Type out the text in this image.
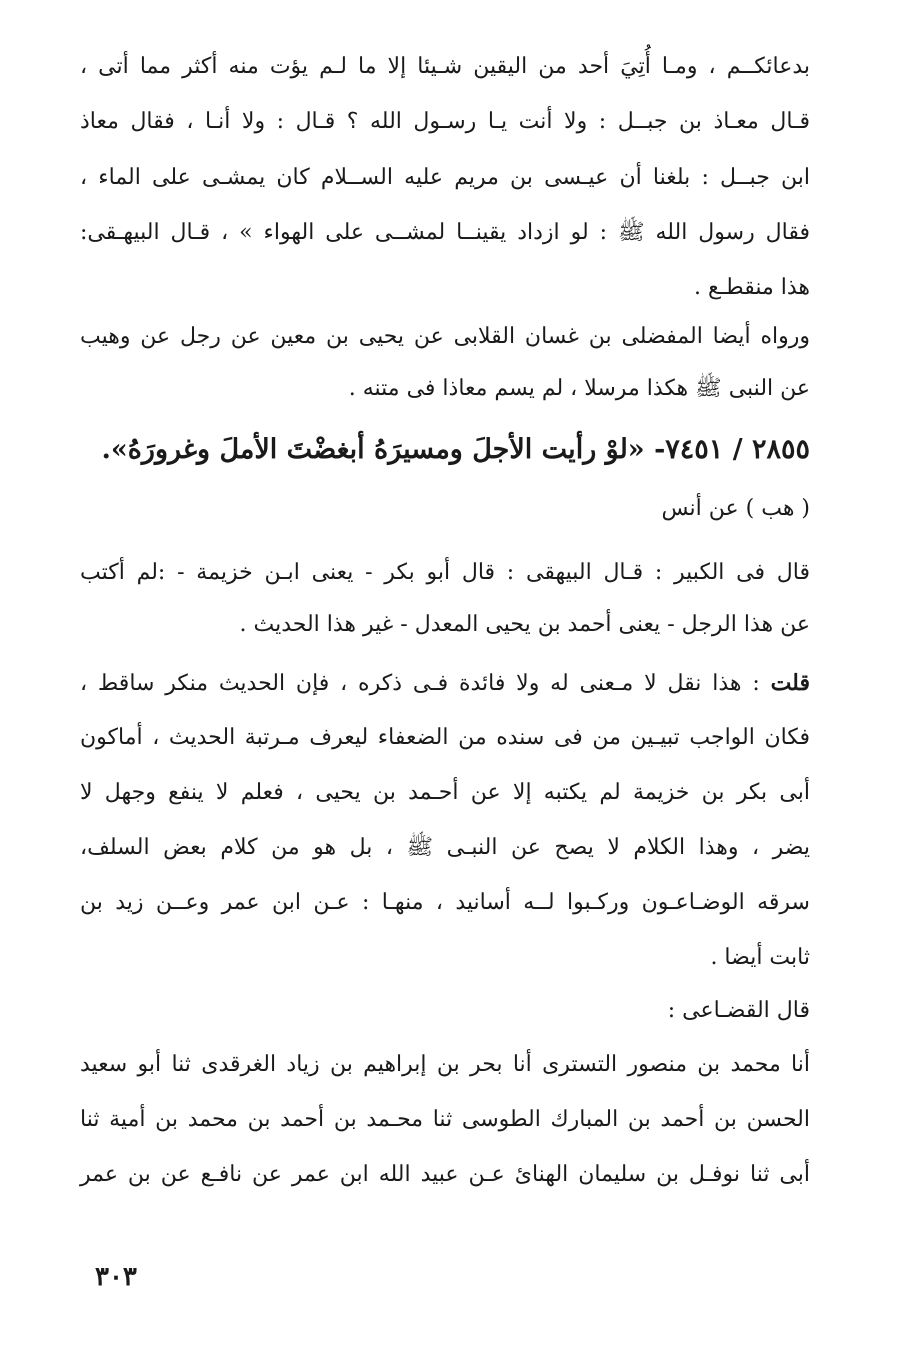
بدعائكــم ، ومـا أُتِيَ أحد من اليقين شـيئا إلا ما لـم يؤت منه أكثر مما أتى ،
قـال معـاذ بن جبــل : ولا أنت يـا رسـول الله ؟ قـال : ولا أنـا ، فقال معاذ
ابن جبــل : بلغنا أن عيـسى بن مريم عليه الســلام كان يمشـى على الماء ،
فقال رسول الله ﷺ : لو ازداد يقينــا لمشــى على الهواء » ، قـال البيهـقى:
هذا منقطـع .
ورواه أيضا المفضلى بن غسان القلابى عن يحيى بن معين عن رجل عن وهيب
عن النبى ﷺ هكذا مرسلا ، لم يسم معاذا فى متنه .
٢٨٥٥ / ٧٤٥١- «لوْ رأيت الأجلَ ومسيرَهُ أبغضْتَ الأملَ وغرورَهُ».
( هب ) عن أنس
قال فى الكبير : قـال البيهقى : قال أبو بكر - يعنى ابـن خزيمة - :لم أكتب
عن هذا الرجل - يعنى أحمد بن يحيى المعدل - غير هذا الحديث .
قلت : هذا نقل لا مـعنى له ولا فائدة فـى ذكره ، فإن الحديث منكر ساقط ،
فكان الواجب تبيـين من فى سنده من الضعفاء ليعرف مـرتبة الحديث ، أماكون
أبى بكر بن خزيمة لم يكتبه إلا عن أحـمد بن يحيى ، فعلم لا ينفع وجهل لا
يضر ، وهذا الكلام لا يصح عن النبـى ﷺ ، بل هو من كلام بعض السلف،
سرقه الوضـاعـون وركـبوا لــه أسانيد ، منهـا : عـن ابن عمر وعــن زيد بن
ثابت أيضا .
قال القضـاعى :
أنا محمد بن منصور التسترى أنا بحر بن إبراهيم بن زياد الغرقدى ثنا أبو سعيد
الحسن بن أحمد بن المبارك الطوسى ثنا محـمد بن أحمد بن محمد بن أمية ثنا
أبى ثنا نوفـل بن سليمان الهنائ عـن عبيد الله ابن عمر عن نافـع عن بن عمر
٣٠٣
